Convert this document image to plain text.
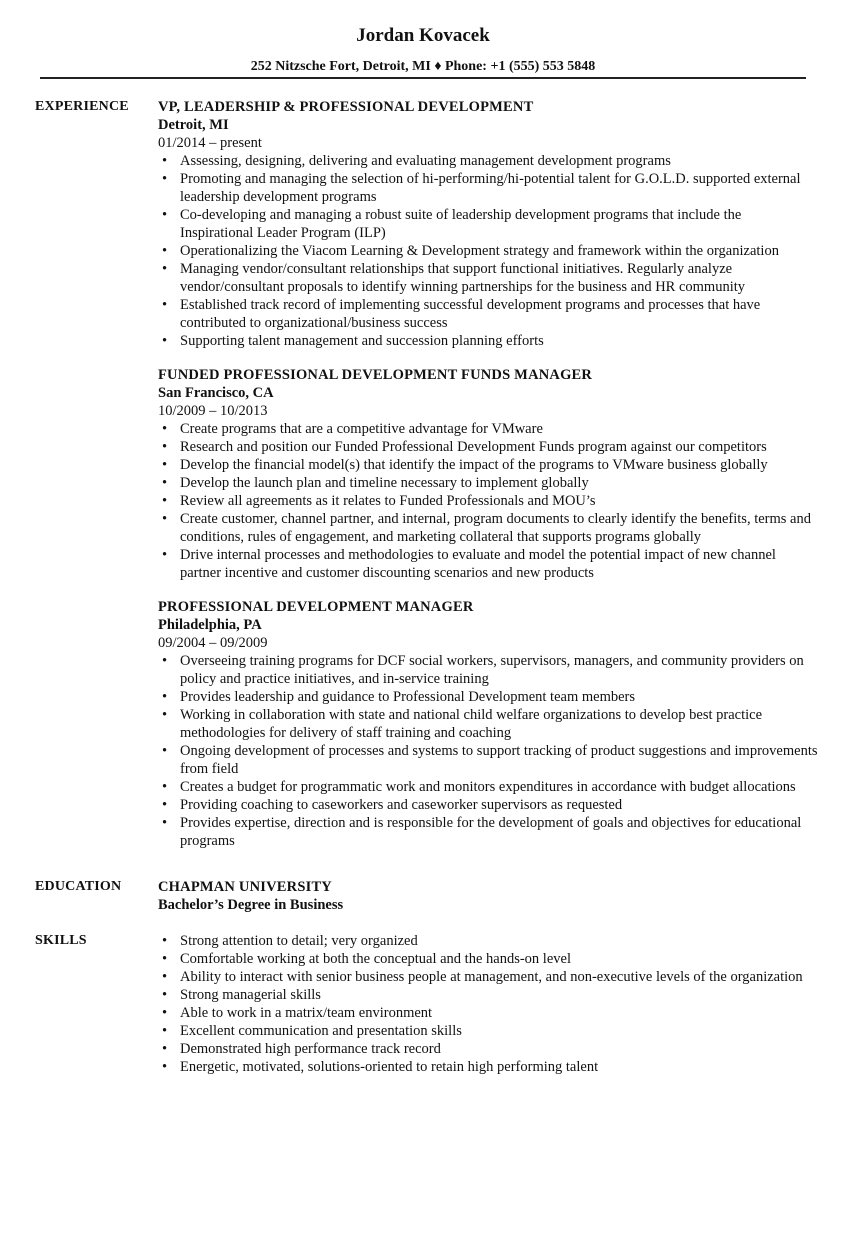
Jordan Kovacek
252 Nitzsche Fort, Detroit, MI ♦ Phone: +1 (555) 553 5848
EXPERIENCE VP, LEADERSHIP & PROFESSIONAL DEVELOPMENT
Detroit, MI
01/2014 – present
• Assessing, designing, delivering and evaluating management development programs
• Promoting and managing the selection of hi-performing/hi-potential talent for G.O.L.D. supported external leadership development programs
• Co-developing and managing a robust suite of leadership development programs that include the Inspirational Leader Program (ILP)
• Operationalizing the Viacom Learning & Development strategy and framework within the organization
• Managing vendor/consultant relationships that support functional initiatives. Regularly analyze vendor/consultant proposals to identify winning partnerships for the business and HR community
• Established track record of implementing successful development programs and processes that have contributed to organizational/business success
• Supporting talent management and succession planning efforts
FUNDED PROFESSIONAL DEVELOPMENT FUNDS MANAGER
San Francisco, CA
10/2009 – 10/2013
• Create programs that are a competitive advantage for VMware
• Research and position our Funded Professional Development Funds program against our competitors
• Develop the financial model(s) that identify the impact of the programs to VMware business globally
• Develop the launch plan and timeline necessary to implement globally
• Review all agreements as it relates to Funded Professionals and MOU’s
• Create customer, channel partner, and internal, program documents to clearly identify the benefits, terms and conditions, rules of engagement, and marketing collateral that supports programs globally
• Drive internal processes and methodologies to evaluate and model the potential impact of new channel partner incentive and customer discounting scenarios and new products
PROFESSIONAL DEVELOPMENT MANAGER
Philadelphia, PA
09/2004 – 09/2009
• Overseeing training programs for DCF social workers, supervisors, managers, and community providers on policy and practice initiatives, and in-service training
• Provides leadership and guidance to Professional Development team members
• Working in collaboration with state and national child welfare organizations to develop best practice methodologies for delivery of staff training and coaching
• Ongoing development of processes and systems to support tracking of product suggestions and improvements from field
• Creates a budget for programmatic work and monitors expenditures in accordance with budget allocations
• Providing coaching to caseworkers and caseworker supervisors as requested
• Provides expertise, direction and is responsible for the development of goals and objectives for educational programs
EDUCATION	CHAPMAN UNIVERSITY
Bachelor’s Degree in Business
SKILLS	• Strong attention to detail; very organized
• Comfortable working at both the conceptual and the hands-on level
• Ability to interact with senior business people at management, and non-executive levels of the organization
• Strong managerial skills
• Able to work in a matrix/team environment
• Excellent communication and presentation skills
• Demonstrated high performance track record
• Energetic, motivated, solutions-oriented to retain high performing talent
